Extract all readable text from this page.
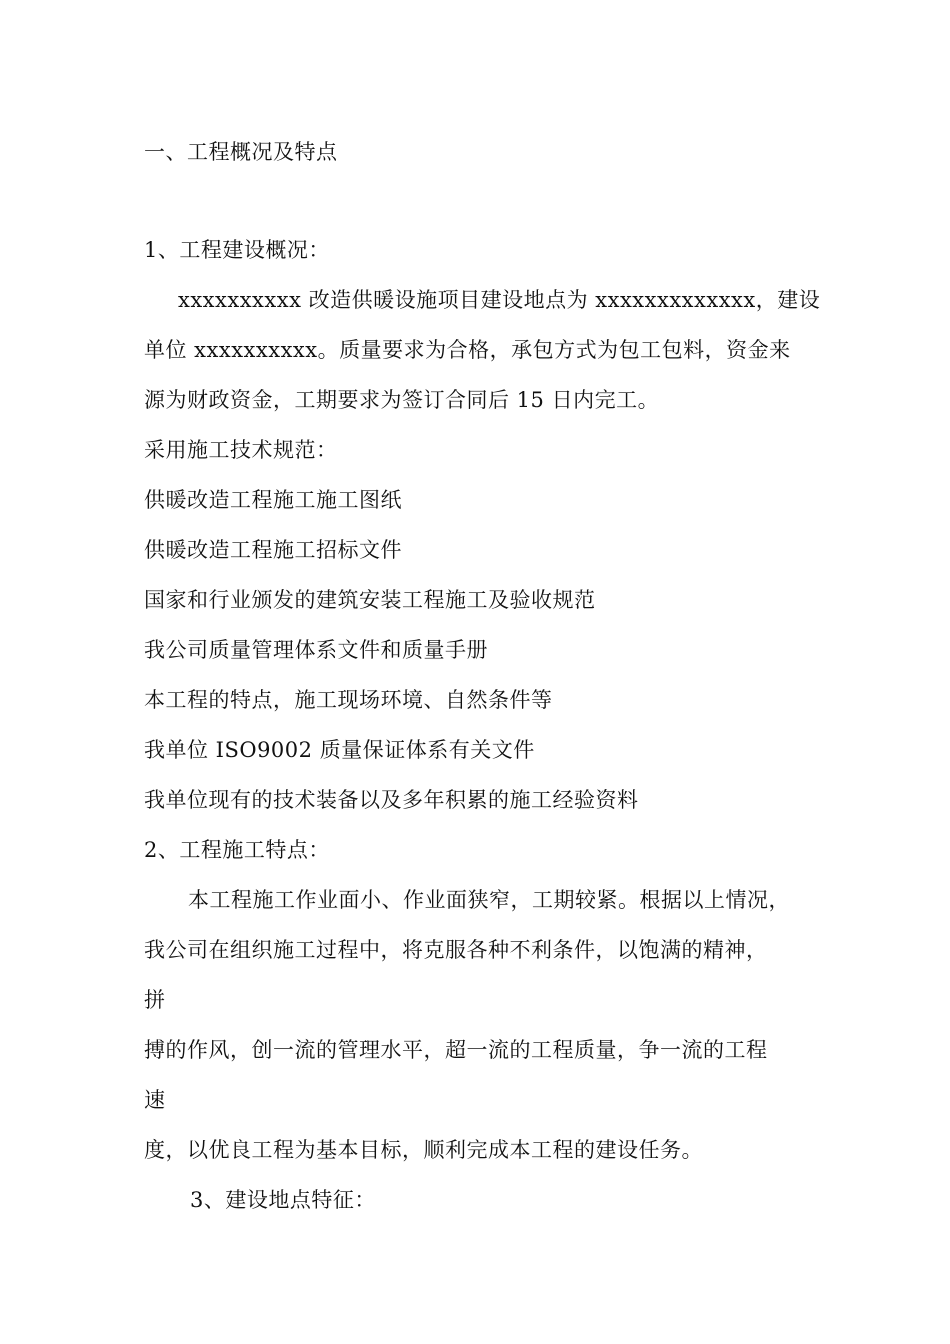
一、工程概况及特点
1、工程建设概况：
xxxxxxxxxx 改造供暖设施项目建设地点为 xxxxxxxxxxxxx，建设
单位 xxxxxxxxxx。质量要求为合格，承包方式为包工包料，资金来
源为财政资金，工期要求为签订合同后 15 日内完工。
采用施工技术规范：
供暖改造工程施工施工图纸
供暖改造工程施工招标文件
国家和行业颁发的建筑安装工程施工及验收规范
我公司质量管理体系文件和质量手册
本工程的特点，施工现场环境、自然条件等
我单位 ISO9002 质量保证体系有关文件
我单位现有的技术装备以及多年积累的施工经验资料
2、工程施工特点：
本工程施工作业面小、作业面狭窄，工期较紧。根据以上情况，
我公司在组织施工过程中，将克服各种不利条件，以饱满的精神，
拼
搏的作风，创一流的管理水平，超一流的工程质量，争一流的工程
速
度，以优良工程为基本目标，顺利完成本工程的建设任务。
3、建设地点特征：
